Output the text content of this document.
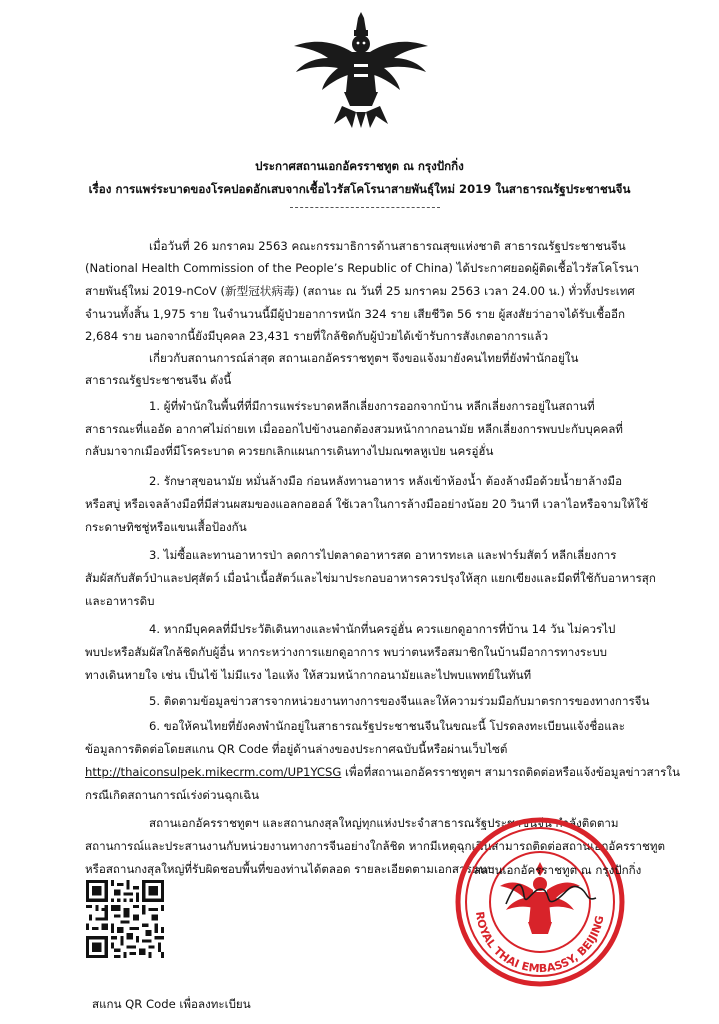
ประกาศสถานเอกอัครราชทูต ณ กรุงปักกิ่ง
เรื่อง การแพร่ระบาดของโรคปอดอักเสบจากเชื้อไวรัสโคโรนาสายพันธุ์ใหม่ 2019 ในสาธารณรัฐประชาชนจีน
เมื่อวันที่ 26 มกราคม 2563 คณะกรรมาธิการด้านสาธารณสุขแห่งชาติ สาธารณรัฐประชาชนจีน
(National Health Commission of the People’s Republic of China) ได้ประกาศยอดผู้ติดเชื้อไวรัสโคโรนา
สายพันธุ์ใหม่ 2019-nCoV (新型冠状病毒) (สถานะ ณ วันที่ 25 มกราคม 2563 เวลา 24.00 น.) ทั่วทั้งประเทศ
จำนวนทั้งสิ้น 1,975 ราย ในจำนวนนี้มีผู้ป่วยอาการหนัก 324 ราย เสียชีวิต 56 ราย ผู้สงสัยว่าอาจได้รับเชื้ออีก
2,684 ราย นอกจากนี้ยังมีบุคคล 23,431 รายที่ใกล้ชิดกับผู้ป่วยได้เข้ารับการสังเกตอาการแล้ว
เกี่ยวกับสถานการณ์ล่าสุด สถานเอกอัครราชทูตฯ จึงขอแจ้งมายังคนไทยที่ยังพำนักอยู่ใน
สาธารณรัฐประชาชนจีน ดังนี้
1. ผู้ที่พำนักในพื้นที่ที่มีการแพร่ระบาดหลีกเลี่ยงการออกจากบ้าน หลีกเลี่ยงการอยู่ในสถานที่
สาธารณะที่แออัด อากาศไม่ถ่ายเท เมื่อออกไปข้างนอกต้องสวมหน้ากากอนามัย หลีกเลี่ยงการพบปะกับบุคคลที่
กลับมาจากเมืองที่มีโรคระบาด ควรยกเลิกแผนการเดินทางไปมณฑลหูเป่ย นครอู่ฮั่น
2. รักษาสุขอนามัย หมั่นล้างมือ ก่อนหลังทานอาหาร หลังเข้าห้องน้ำ ต้องล้างมือด้วยน้ำยาล้างมือ
หรือสบู่ หรือเจลล้างมือที่มีส่วนผสมของแอลกอฮอล์ ใช้เวลาในการล้างมืออย่างน้อย 20 วินาที เวลาไอหรือจามให้ใช้
กระดาษทิชชู่หรือแขนเสื้อป้องกัน
3. ไม่ซื้อและทานอาหารป่า ลดการไปตลาดอาหารสด อาหารทะเล และฟาร์มสัตว์ หลีกเลี่ยงการ
สัมผัสกับสัตว์ป่าและปศุสัตว์ เมื่อนำเนื้อสัตว์และไข่มาประกอบอาหารควรปรุงให้สุก แยกเขียงและมีดที่ใช้กับอาหารสุก
และอาหารดิบ
4. หากมีบุคคลที่มีประวัติเดินทางและพำนักที่นครอู่ฮั่น ควรแยกดูอาการที่บ้าน 14 วัน ไม่ควรไป
พบปะหรือสัมผัสใกล้ชิดกับผู้อื่น หากระหว่างการแยกดูอาการ พบว่าตนหรือสมาชิกในบ้านมีอาการทางระบบ
ทางเดินหายใจ เช่น เป็นไข้ ไม่มีแรง ไอแห้ง ให้สวมหน้ากากอนามัยและไปพบแพทย์ในทันที
5. ติดตามข้อมูลข่าวสารจากหน่วยงานทางการของจีนและให้ความร่วมมือกับมาตรการของทางการจีน
6. ขอให้คนไทยที่ยังคงพำนักอยู่ในสาธารณรัฐประชาชนจีนในขณะนี้ โปรดลงทะเบียนแจ้งชื่อและ
ข้อมูลการติดต่อโดยสแกน QR Code ที่อยู่ด้านล่างของประกาศฉบับนี้หรือผ่านเว็บไซต์
http://thaiconsulpek.mikecrm.com/UP1YCSG เพื่อที่สถานเอกอัครราชทูตฯ สามารถติดต่อหรือแจ้งข้อมูลข่าวสารใน
กรณีเกิดสถานการณ์เร่งด่วนฉุกเฉิน
สถานเอกอัครราชทูตฯ และสถานกงสุลใหญ่ทุกแห่งประจำสาธารณรัฐประชาชนจีน กำลังติดตาม
สถานการณ์และประสานงานกับหน่วยงานทางการจีนอย่างใกล้ชิด หากมีเหตุฉุกเฉินสามารถติดต่อสถานเอกอัครราชทูต
หรือสถานกงสุลใหญ่ที่รับผิดชอบพื้นที่ของท่านได้ตลอด รายละเอียดตามเอกสารแนบ
ROYAL THAI EMBASSY, BEIJING
สถานเอกอัครราชทูต ณ กรุงปักกิ่ง
สแกน QR Code เพื่อลงทะเบียน
